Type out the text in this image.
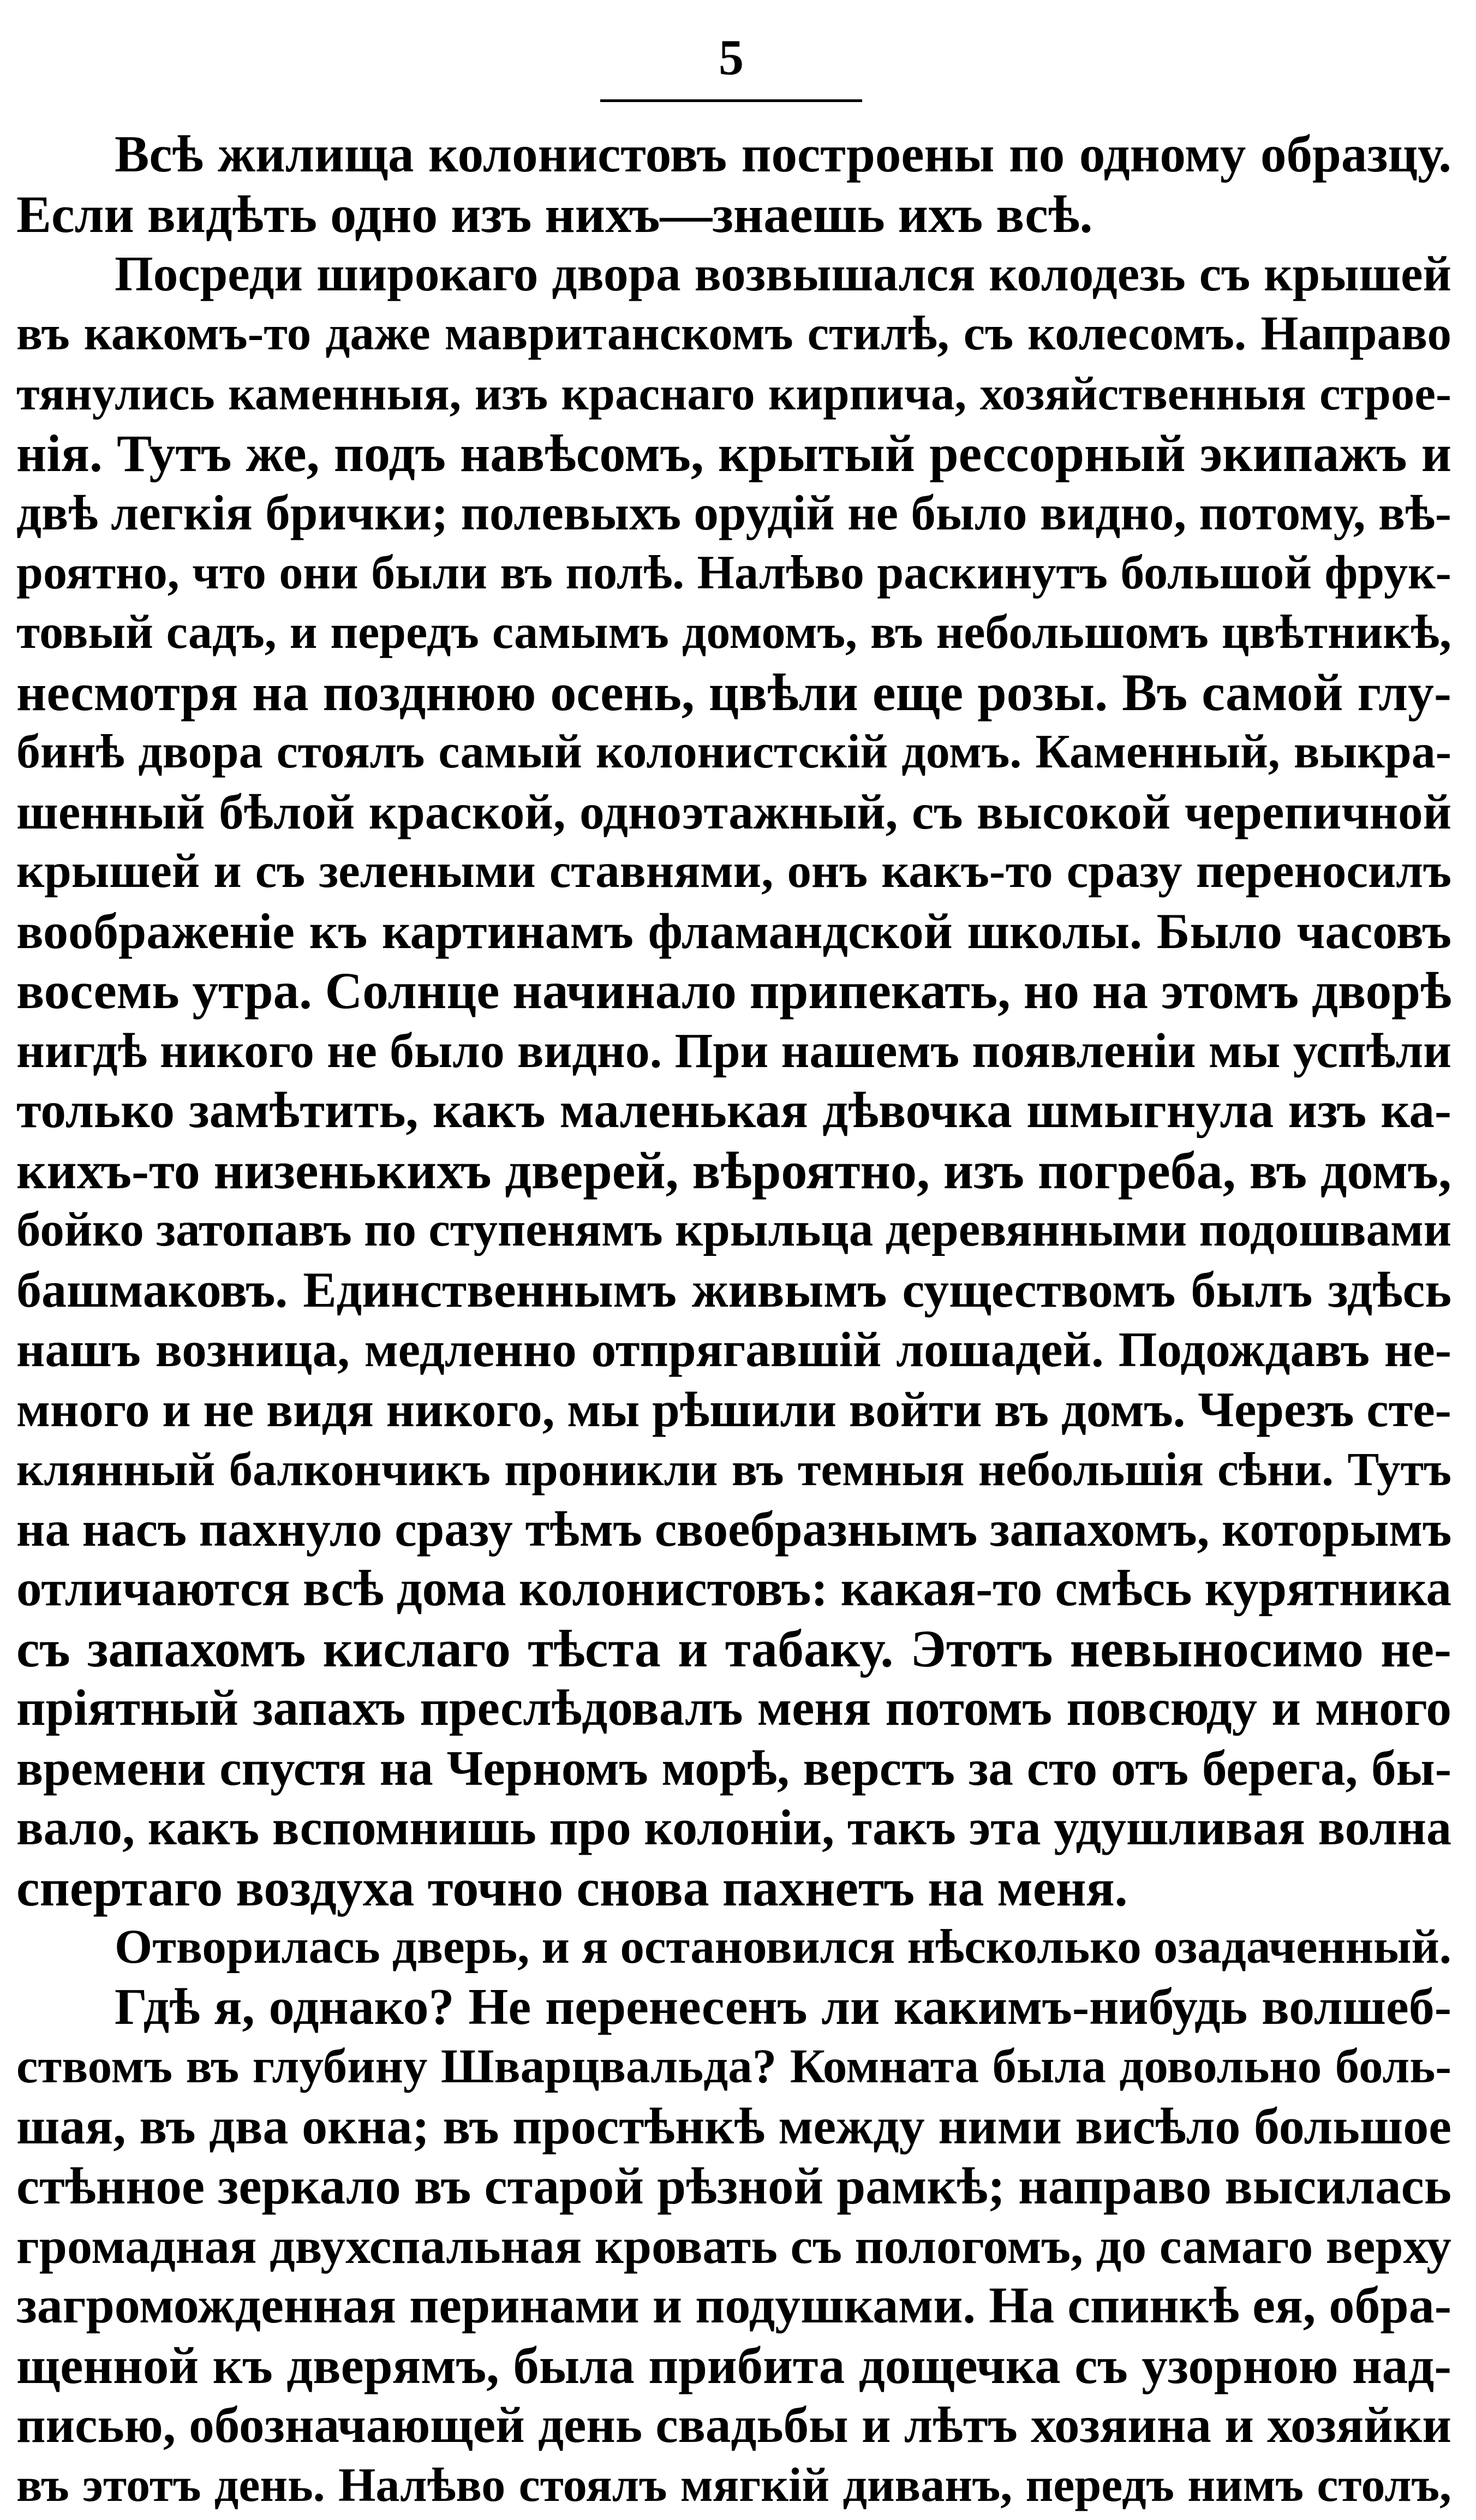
5
Всѣ жилища колонистовъ построены по одному образцу.
Если видѣть одно изъ нихъ—знаешь ихъ всѣ.
Посреди широкаго двора возвышался колодезь съ крышей
въ какомъ-то даже мавританскомъ стилѣ, съ колесомъ. Направо
тянулись каменныя, изъ краснаго кирпича, хозяйственныя строе-
нія. Тутъ же, подъ навѣсомъ, крытый рессорный экипажъ и
двѣ легкія брички; полевыхъ орудій не было видно, потому, вѣ-
роятно, что они были въ полѣ. Налѣво раскинутъ большой фрук-
товый садъ, и передъ самымъ домомъ, въ небольшомъ цвѣтникѣ,
несмотря на позднюю осень, цвѣли еще розы. Въ самой глу-
бинѣ двора стоялъ самый колонистскій домъ. Каменный, выкра-
шенный бѣлой краской, одноэтажный, съ высокой черепичной
крышей и съ зелеными ставнями, онъ какъ-то сразу переносилъ
воображеніе къ картинамъ фламандской школы. Было часовъ
восемь утра. Солнце начинало припекать, но на этомъ дворѣ
нигдѣ никого не было видно. При нашемъ появленіи мы успѣли
только замѣтить, какъ маленькая дѣвочка шмыгнула изъ ка-
кихъ-то низенькихъ дверей, вѣроятно, изъ погреба, въ домъ,
бойко затопавъ по ступенямъ крыльца деревянными подошвами
башмаковъ. Единственнымъ живымъ существомъ былъ здѣсь
нашъ возница, медленно отпрягавшій лошадей. Подождавъ не-
много и не видя никого, мы рѣшили войти въ домъ. Черезъ сте-
клянный балкончикъ проникли въ темныя небольшія сѣни. Тутъ
на насъ пахнуло сразу тѣмъ своебразнымъ запахомъ, которымъ
отличаются всѣ дома колонистовъ: какая-то смѣсь курятника
съ запахомъ кислаго тѣста и табаку. Этотъ невыносимо не-
пріятный запахъ преслѣдовалъ меня потомъ повсюду и много
времени спустя на Черномъ морѣ, верстъ за сто отъ берега, бы-
вало, какъ вспомнишь про колоніи, такъ эта удушливая волна
спертаго воздуха точно снова пахнетъ на меня.
Отворилась дверь, и я остановился нѣсколько озадаченный.
Гдѣ я, однако? Не перенесенъ ли какимъ-нибудь волшеб-
ствомъ въ глубину Шварцвальда? Комната была довольно боль-
шая, въ два окна; въ простѣнкѣ между ними висѣло большое
стѣнное зеркало въ старой рѣзной рамкѣ; направо высилась
громадная двухспальная кровать съ пологомъ, до самаго верху
загроможденная перинами и подушками. На спинкѣ ея, обра-
щенной къ дверямъ, была прибита дощечка съ узорною над-
писью, обозначающей день свадьбы и лѣтъ хозяина и хозяйки
въ этотъ день. Налѣво стоялъ мягкій диванъ, передъ нимъ столъ,
